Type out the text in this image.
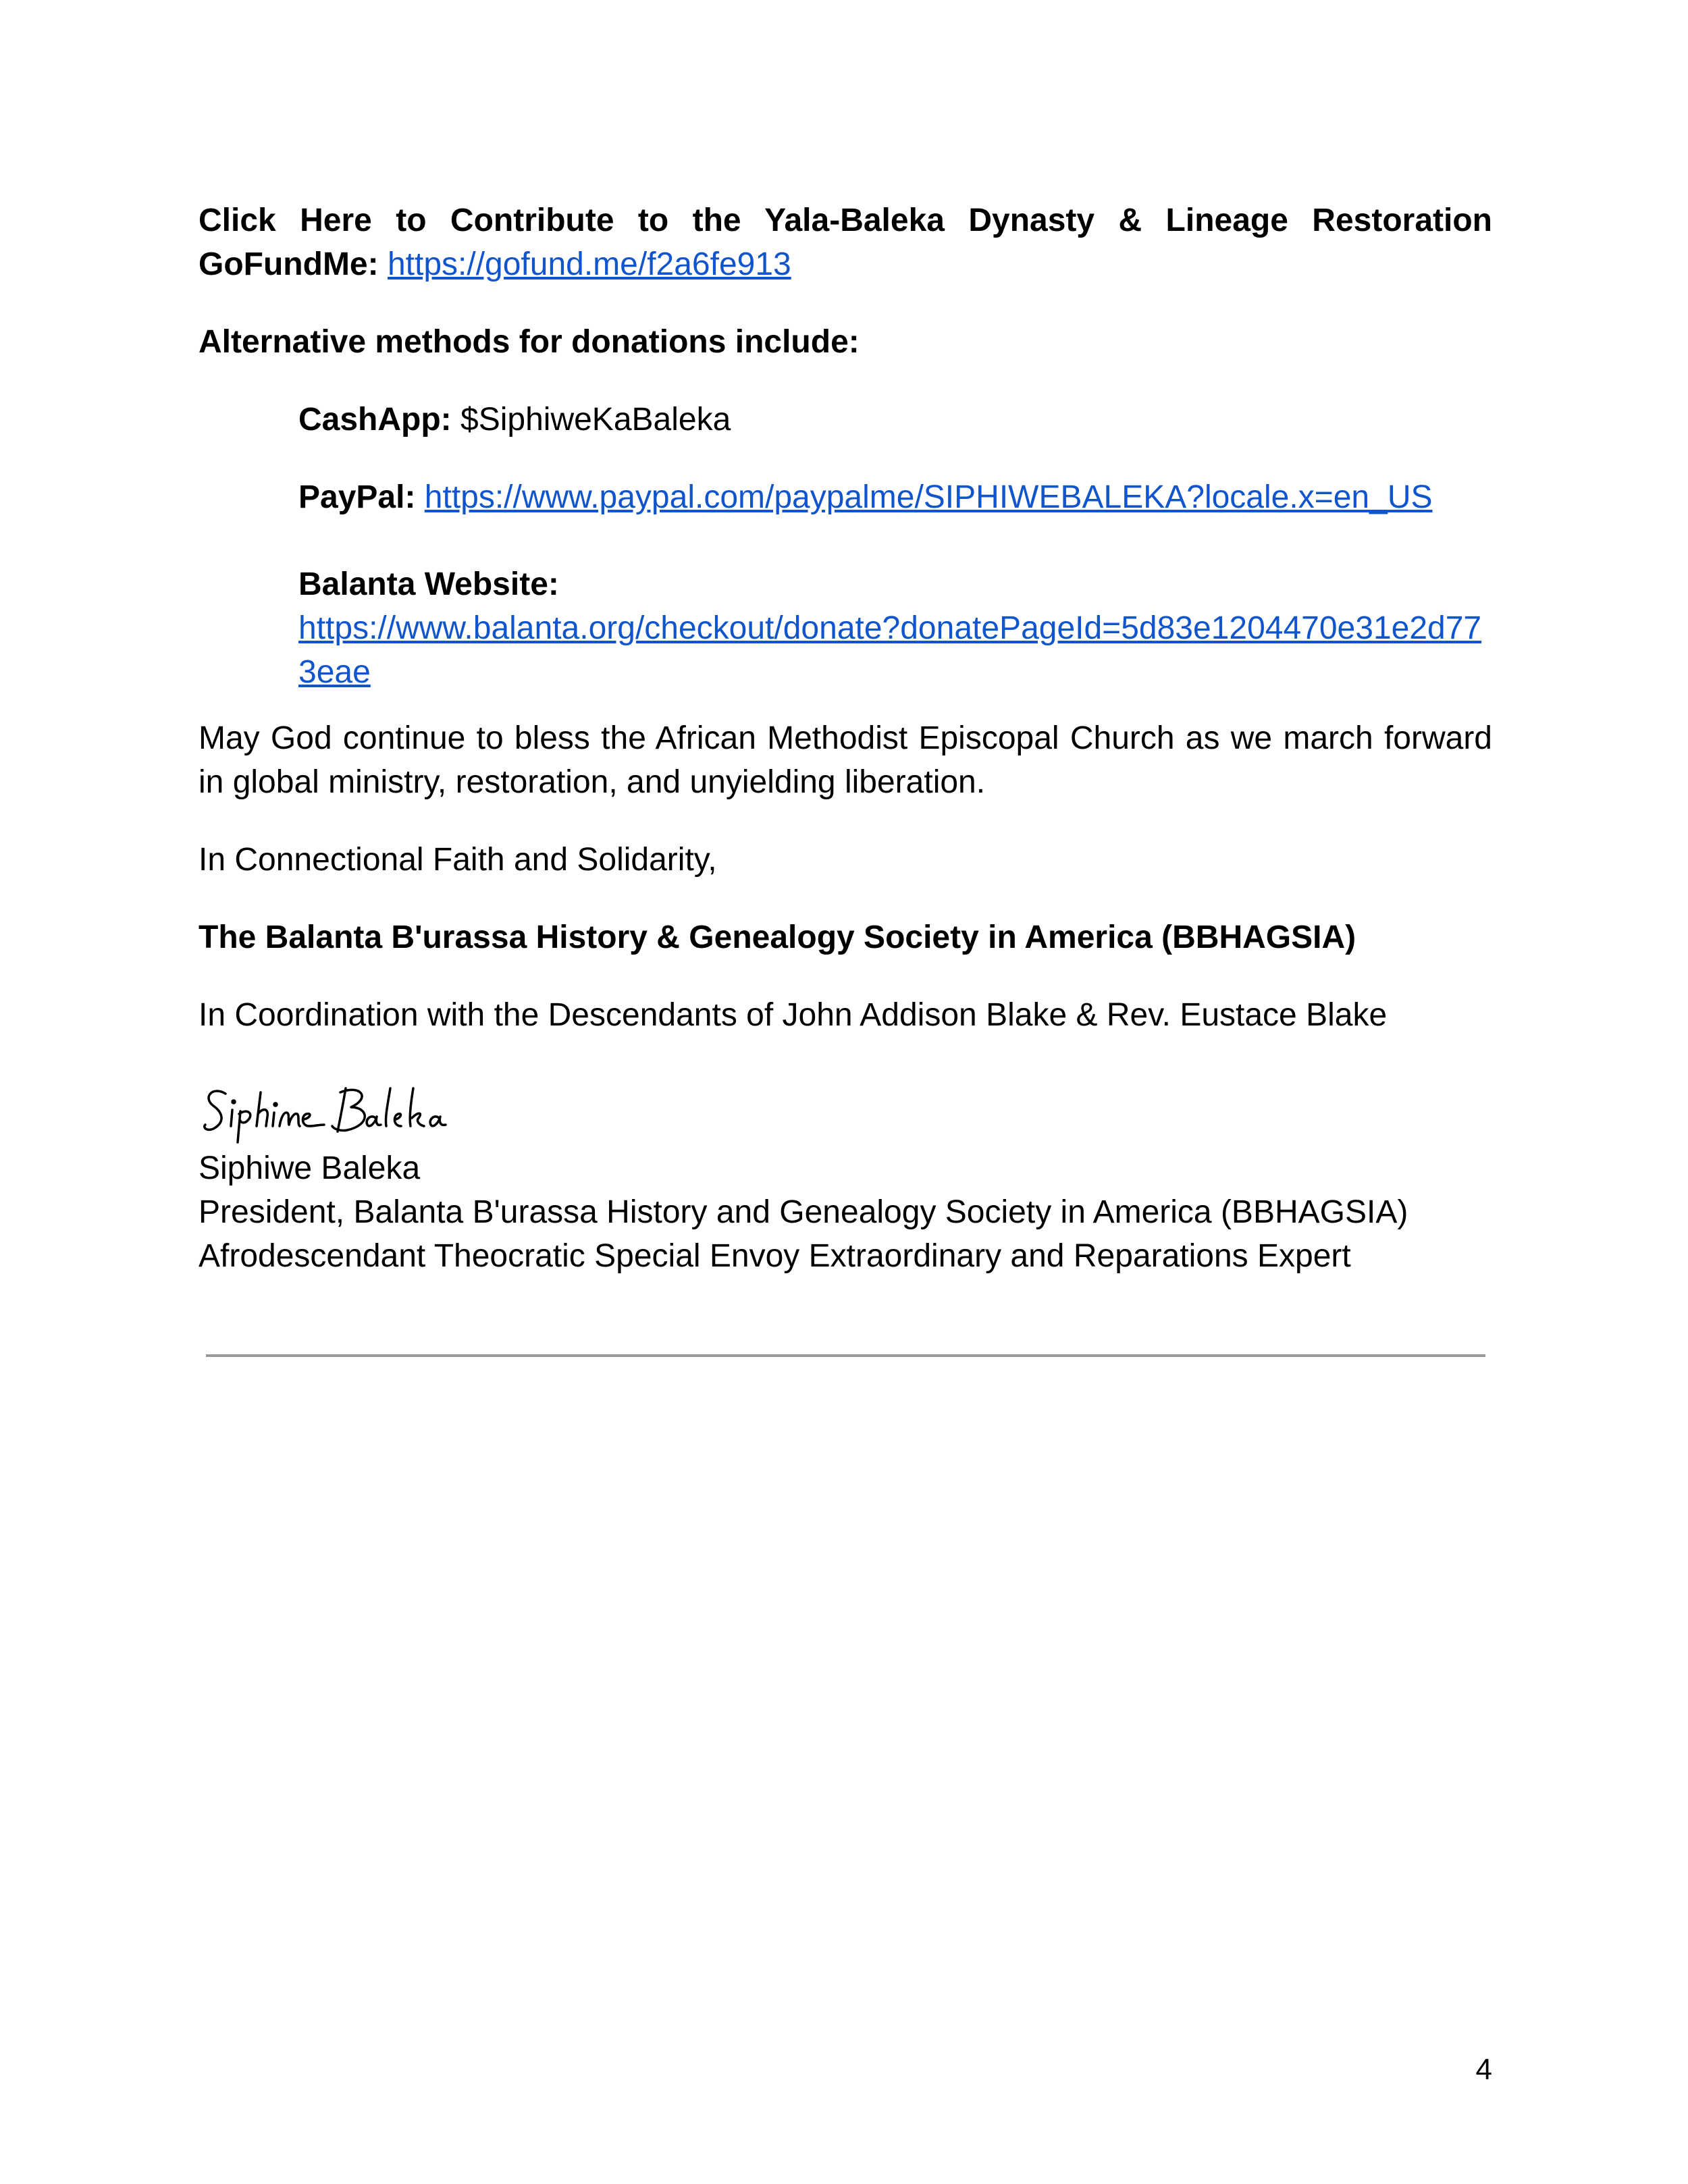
Click Here to Contribute to the Yala-Baleka Dynasty & Lineage Restoration GoFundMe: https://gofund.me/f2a6fe913

Alternative methods for donations include:

CashApp: $SiphiweKaBaleka

PayPal: https://www.paypal.com/paypalme/SIPHIWEBALEKA?locale.x=en_US

Balanta Website:
https://www.balanta.org/checkout/donate?donatePageId=5d83e1204470e31e2d773eae

May God continue to bless the African Methodist Episcopal Church as we march forward in global ministry, restoration, and unyielding liberation.

In Connectional Faith and Solidarity,

The Balanta B'urassa History & Genealogy Society in America (BBHAGSIA)

In Coordination with the Descendants of John Addison Blake & Rev. Eustace Blake

Siphiwe Baleka

President, Balanta B'urassa History and Genealogy Society in America (BBHAGSIA)

Afrodescendant Theocratic Special Envoy Extraordinary and Reparations Expert

4
